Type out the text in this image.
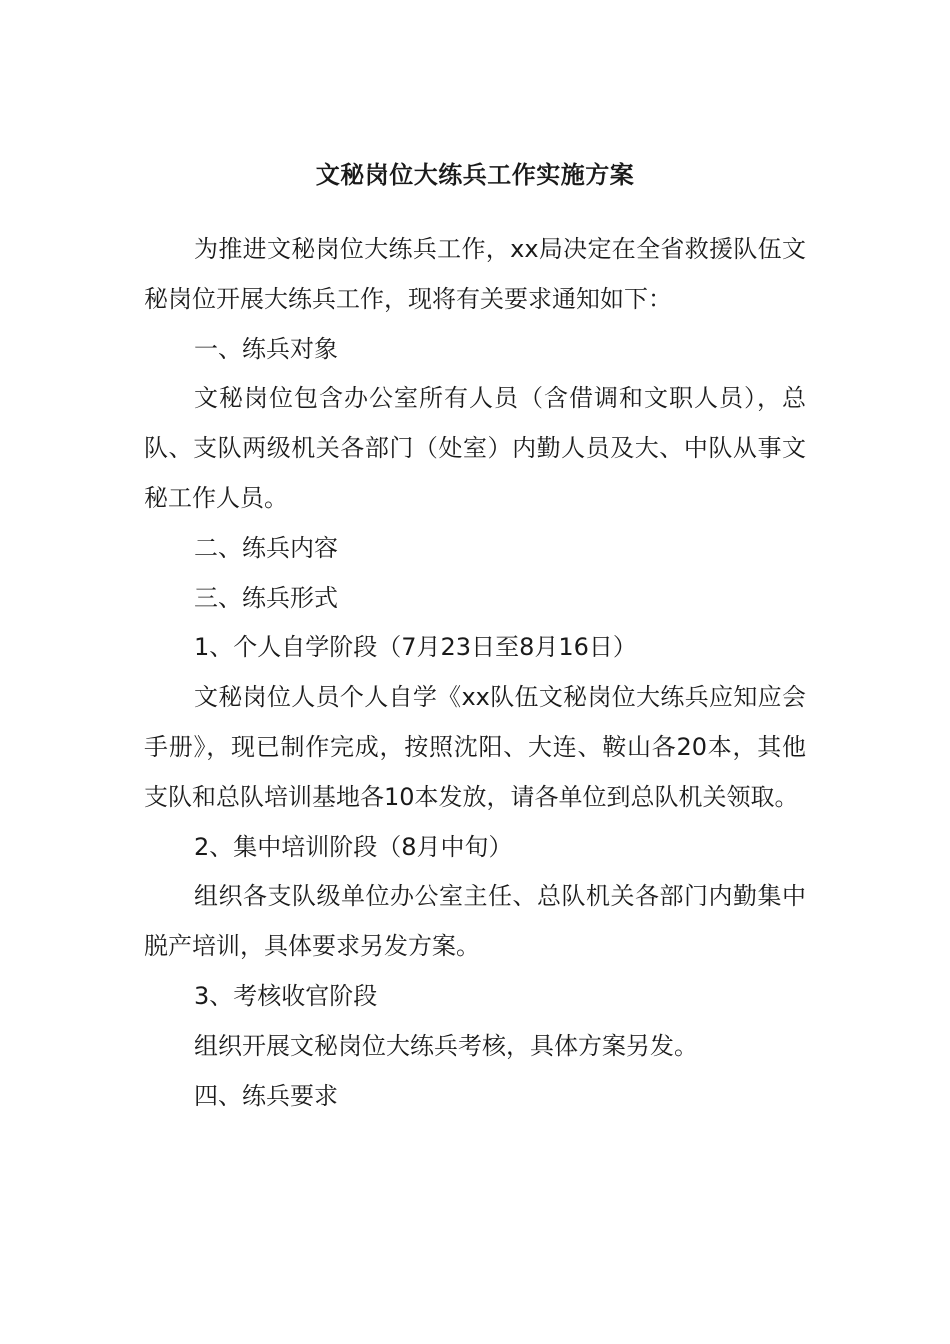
文秘岗位大练兵工作实施方案

为推进文秘岗位大练兵工作，xx局决定在全省救援队伍文秘岗位开展大练兵工作，现将有关要求通知如下：

一、练兵对象

文秘岗位包含办公室所有人员（含借调和文职人员），总队、支队两级机关各部门（处室）内勤人员及大、中队从事文秘工作人员。

二、练兵内容

三、练兵形式

1、个人自学阶段（7月23日至8月16日）

文秘岗位人员个人自学《xx队伍文秘岗位大练兵应知应会手册》，现已制作完成，按照沈阳、大连、鞍山各20本，其他支队和总队培训基地各10本发放，请各单位到总队机关领取。

2、集中培训阶段（8月中旬）

组织各支队级单位办公室主任、总队机关各部门内勤集中脱产培训，具体要求另发方案。

3、考核收官阶段

组织开展文秘岗位大练兵考核，具体方案另发。

四、练兵要求
